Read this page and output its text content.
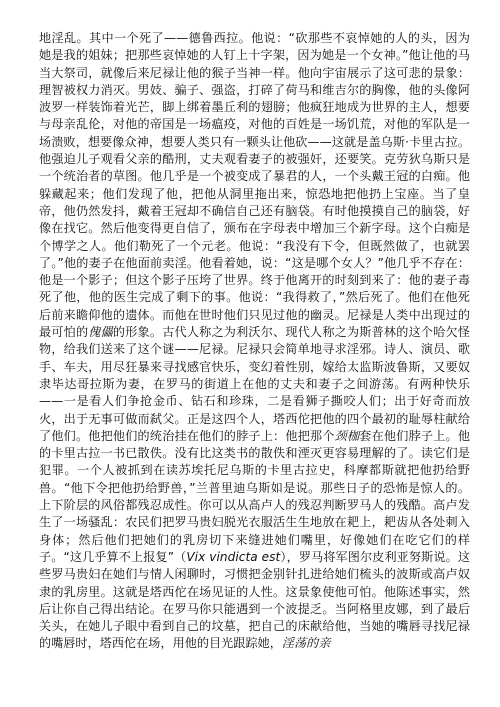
地淫乱。其中一个死了——德鲁西拉。他说：“砍那些不哀悼她的人的头，因为她是我的姐妹；把那些哀悼她的人钉上十字架，因为她是一个女神。”他让他的马当大祭司，就像后来尼禄让他的猴子当神一样。他向宇宙展示了这可悲的景象：理智被权力消灭。男妓、骗子、强盗，打碎了荷马和维吉尔的胸像，他的头像阿波罗一样装饰着光芒，脚上绑着墨丘利的翅膀；他疯狂地成为世界的主人，想要与母亲乱伦，对他的帝国是一场瘟疫，对他的百姓是一场饥荒，对他的军队是一场溃败，想要像众神，想要人类只有一颗头让他砍——这就是盖乌斯·卡里古拉。他强迫儿子观看父亲的酷刑，丈夫观看妻子的被强奸，还要笑。克劳狄乌斯只是一个统治者的草图。他几乎是一个被变成了暴君的人，一个头戴王冠的白痴。他躲藏起来；他们发现了他，把他从洞里拖出来，惊恐地把他扔上宝座。当了皇帝，他仍然发抖，戴着王冠却不确信自己还有脑袋。有时他摸摸自己的脑袋，好像在找它。然后他变得更自信了，颁布在字母表中增加三个新字母。这个白痴是个博学之人。他们勒死了一个元老。他说：“我没有下令，但既然做了，也就罢了。”他的妻子在他面前卖淫。他看着她，说：“这是哪个女人？”他几乎不存在：他是一个影子；但这个影子压垮了世界。终于他离开的时刻到来了：他的妻子毒死了他，他的医生完成了剩下的事。他说：“我得救了，”然后死了。他们在他死后前来瞻仰他的遗体。而他在世时他们只见过他的幽灵。尼禄是人类中出现过的最可怕的傀儡的形象。古代人称之为利沃尔、现代人称之为斯普林的这个哈欠怪物，给我们送来了这个谜——尼禄。尼禄只会简单地寻求淫邪。诗人、演员、歌手、车夫，用尽狂暴来寻找感官快乐，变幻着性别，嫁给太监斯波鲁斯，又要奴隶毕达哥拉斯为妻，在罗马的街道上在他的丈夫和妻子之间游荡。有两种快乐——一是看人们争抢金币、钻石和珍珠，二是看狮子撕咬人们；出于好奇而放火，出于无事可做而弑父。正是这四个人，塔西佗把他的四个最初的耻辱柱献给了他们。他把他们的统治挂在他们的脖子上：他把那个颈枷套在他们脖子上。他的卡里古拉一书已散佚。没有比这类书的散佚和湮灭更容易理解的了。读它们是犯罪。一个人被抓到在读苏埃托尼乌斯的卡里古拉史，科摩都斯就把他扔给野兽。“他下令把他扔给野兽，”兰普里迪乌斯如是说。那些日子的恐怖是惊人的。上下阶层的风俗都残忍成性。你可以从高卢人的残忍判断罗马人的残酷。高卢发生了一场骚乱：农民们把罗马贵妇脱光衣服活生生地放在耙上，耙齿从各处刺入身体；然后他们把她们的乳房切下来缝进她们嘴里，好像她们在吃它们的样子。“这几乎算不上报复”（Vix vindicta est），罗马将军图尔皮利亚努斯说。这些罗马贵妇在她们与情人闲聊时，习惯把金别针扎进给她们梳头的波斯或高卢奴隶的乳房里。这就是塔西佗在场见证的人性。这景象使他可怕。他陈述事实，然后让你自己得出结论。在罗马你只能遇到一个波提乏。当阿格里皮娜，到了最后关头，在她儿子眼中看到自己的坟墓，把自己的床献给他，当她的嘴唇寻找尼禄的嘴唇时，塔西佗在场，用他的目光跟踪她，淫荡的亲
